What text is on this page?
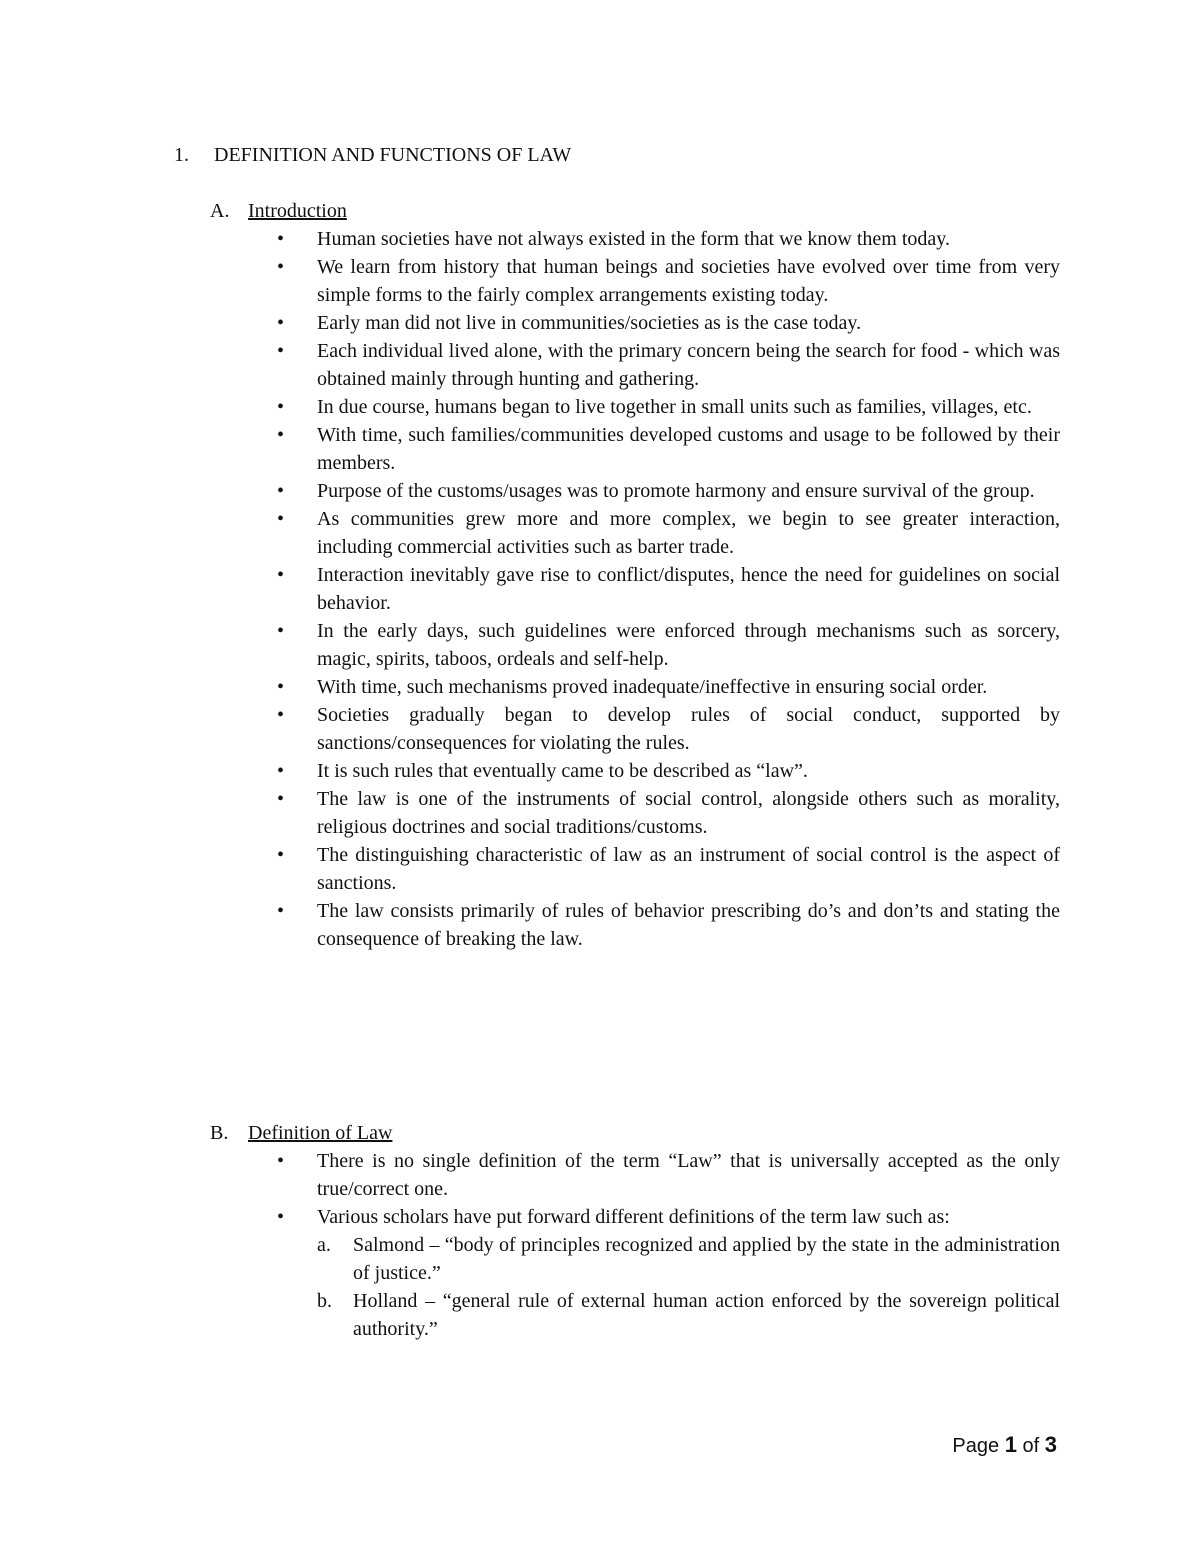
1.	DEFINITION AND FUNCTIONS OF LAW
A. Introduction
•	Human societies have not always existed in the form that we know them today.
•	We learn from history that human beings and societies have evolved over time from very simple forms to the fairly complex arrangements existing today.
•	Early man did not live in communities/societies as is the case today.
•	Each individual lived alone, with the primary concern being the search for food - which was obtained mainly through hunting and gathering.
•	In due course, humans began to live together in small units such as families, villages, etc.
•	With time, such families/communities developed customs and usage to be followed by their members.
•	Purpose of the customs/usages was to promote harmony and ensure survival of the group.
•	As communities grew more and more complex, we begin to see greater interaction, including commercial activities such as barter trade.
•	Interaction inevitably gave rise to conflict/disputes, hence the need for guidelines on social behavior.
•	In the early days, such guidelines were enforced through mechanisms such as sorcery, magic, spirits, taboos, ordeals and self-help.
•	With time, such mechanisms proved inadequate/ineffective in ensuring social order.
•	Societies gradually began to develop rules of social conduct, supported by sanctions/consequences for violating the rules.
•	It is such rules that eventually came to be described as “law”.
•	The law is one of the instruments of social control, alongside others such as morality, religious doctrines and social traditions/customs.
•	The distinguishing characteristic of law as an instrument of social control is the aspect of sanctions.
•	The law consists primarily of rules of behavior prescribing do’s and don’ts and stating the consequence of breaking the law.
B. Definition of Law
•	There is no single definition of the term “Law” that is universally accepted as the only true/correct one.
•	Various scholars have put forward different definitions of the term law such as:
a.	Salmond – “body of principles recognized and applied by the state in the administration of justice.”
b.	Holland – “general rule of external human action enforced by the sovereign political authority.”
Page 1 of 3
